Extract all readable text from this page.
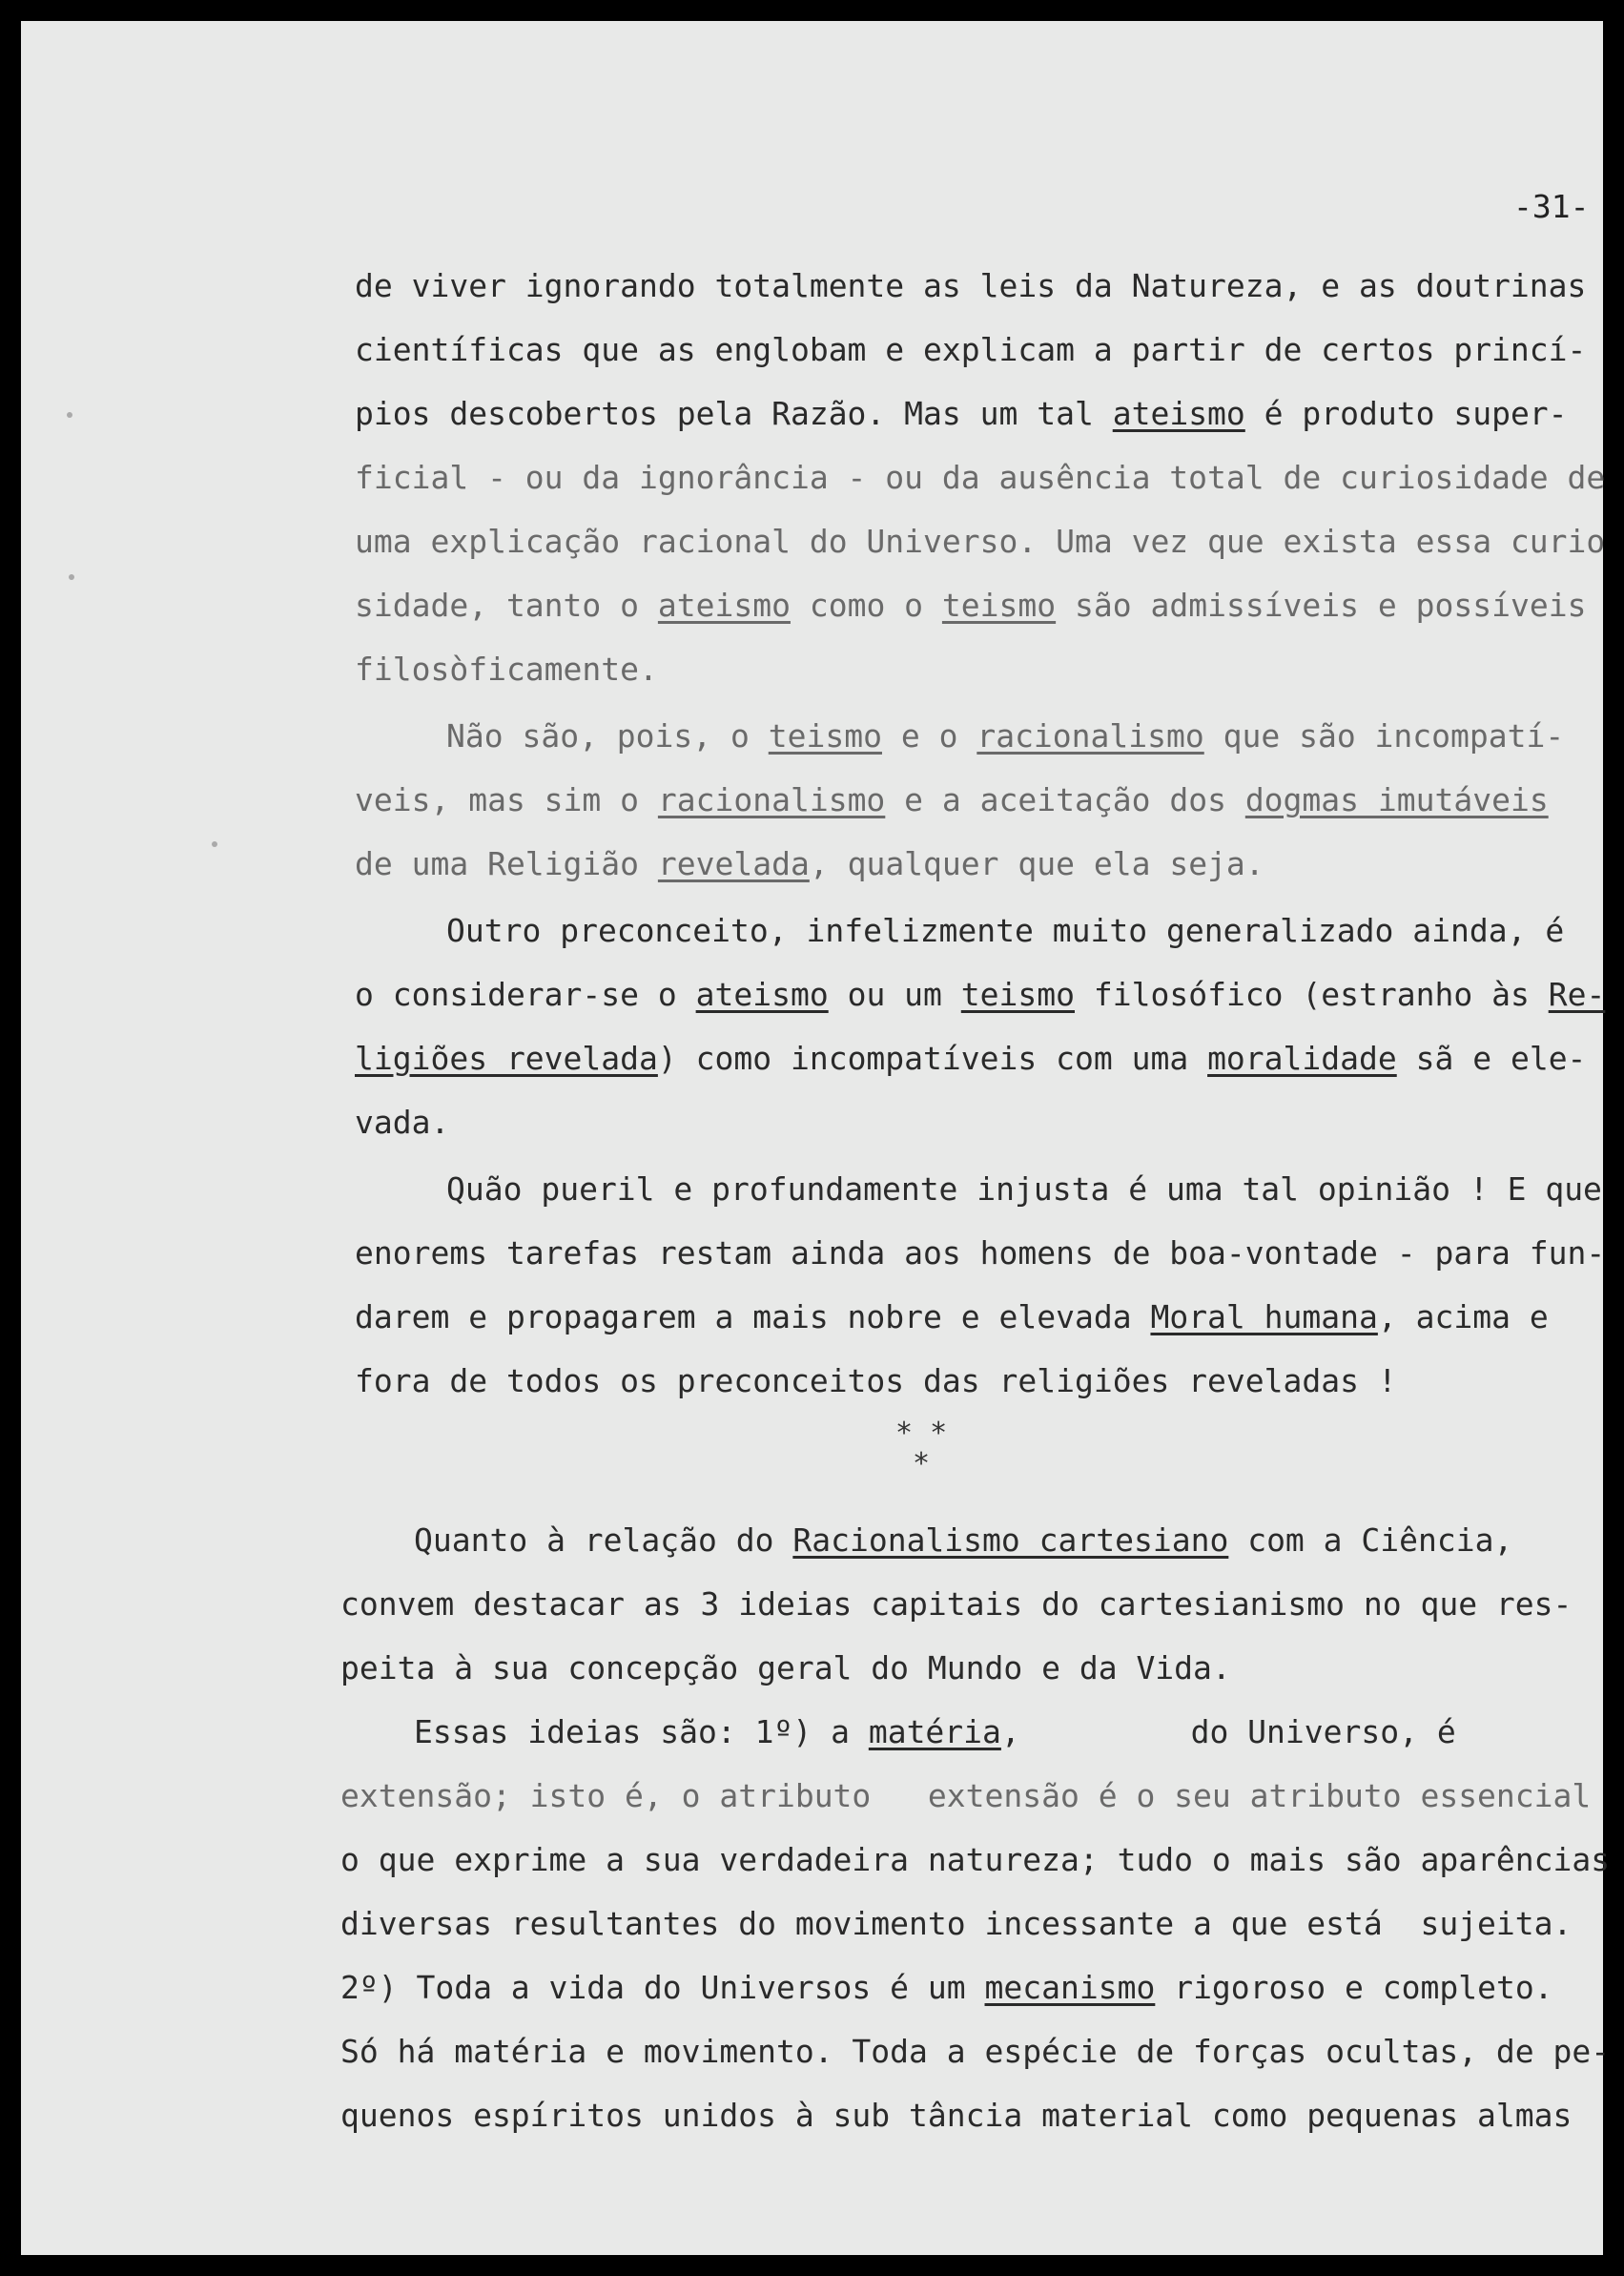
-31-
de viver ignorando totalmente as leis da Natureza, e as doutrinas
científicas que as englobam e explicam a partir de certos princí-
pios descobertos pela Razão. Mas um tal ateismo é produto super-
ficial - ou da ignorância - ou da ausência total de curiosidade de
uma explicação racional do Universo. Uma vez que exista essa curio
sidade, tanto o ateismo como o teismo são admissíveis e possíveis
filosòficamente.
Não são, pois, o teismo e o racionalismo que são incompatí-
veis, mas sim o racionalismo e a aceitação dos dogmas imutáveis
de uma Religião revelada, qualquer que ela seja.
Outro preconceito, infelizmente muito generalizado ainda, é
o considerar-se o ateismo ou um teismo filosófico (estranho às Re-
ligiões revelada) como incompatíveis com uma moralidade sã e ele-
vada.
Quão pueril e profundamente injusta é uma tal opinião ! E que
enorems tarefas restam ainda aos homens de boa-vontade - para fun-
darem e propagarem a mais nobre e elevada Moral humana, acima e
fora de todos os preconceitos das religiões reveladas !
* *
*
Quanto à relação do Racionalismo cartesiano com a Ciência,
convem destacar as 3 ideias capitais do cartesianismo no que res-
peita à sua concepção geral do Mundo e da Vida.
Essas ideias são: 1º) a matéria,         do Universo, é
extensão; isto é, o atributo   extensão é o seu atributo essencial
o que exprime a sua verdadeira natureza; tudo o mais são aparências
diversas resultantes do movimento incessante a que está  sujeita.
2º) Toda a vida do Universos é um mecanismo rigoroso e completo.
Só há matéria e movimento. Toda a espécie de forças ocultas, de pe-
quenos espíritos unidos à sub tância material como pequenas almas
